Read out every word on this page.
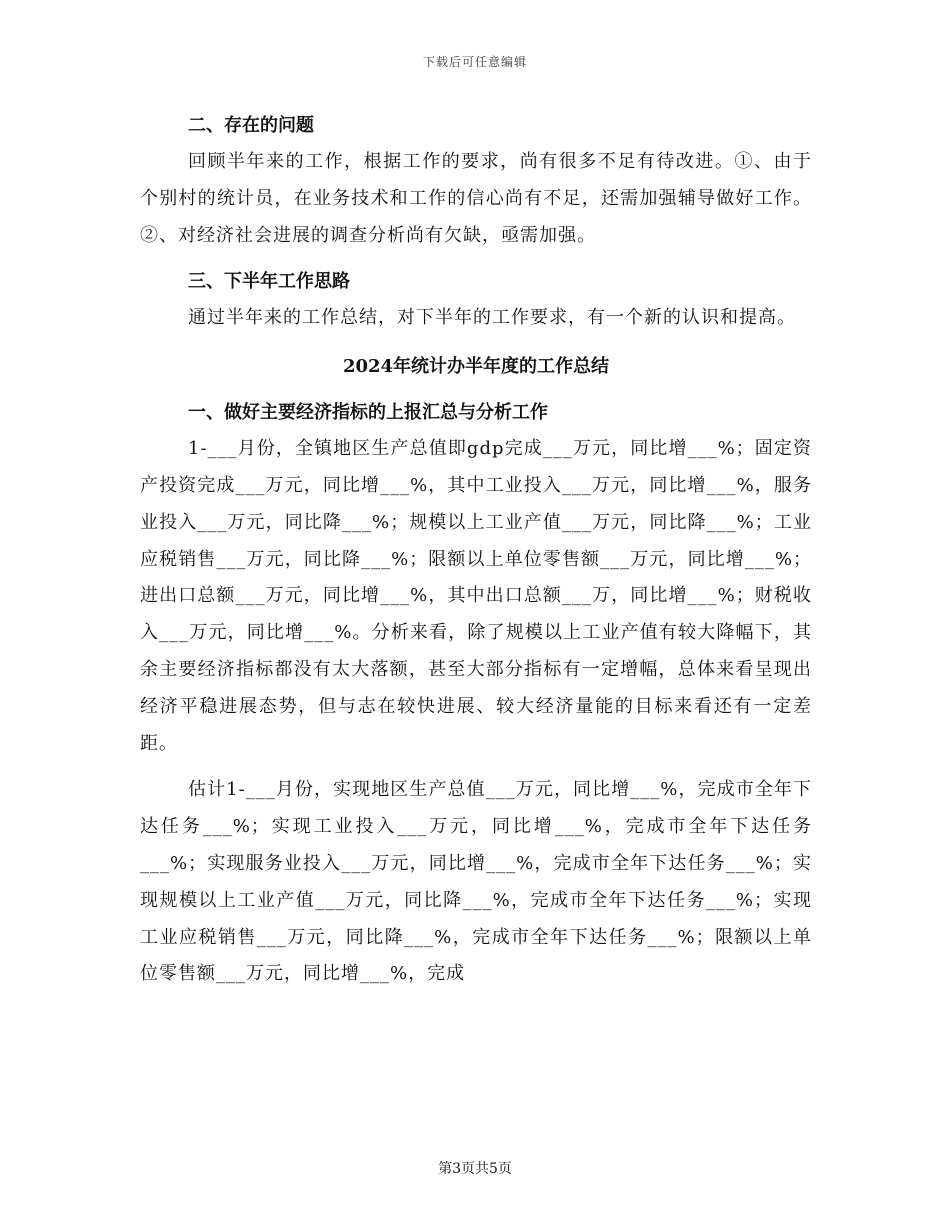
下载后可任意编辑

二、存在的问题

回顾半年来的工作，根据工作的要求，尚有很多不足有待改进。①、由于个别村的统计员，在业务技术和工作的信心尚有不足，还需加强辅导做好工作。②、对经济社会进展的调查分析尚有欠缺，亟需加强。

三、下半年工作思路

通过半年来的工作总结，对下半年的工作要求，有一个新的认识和提高。

2024年统计办半年度的工作总结

一、做好主要经济指标的上报汇总与分析工作

1-___月份，全镇地区生产总值即gdp完成___万元，同比增___%；固定资产投资完成___万元，同比增___%，其中工业投入___万元，同比增___%，服务业投入___万元，同比降___%；规模以上工业产值___万元，同比降___%；工业应税销售___万元，同比降___%；限额以上单位零售额___万元，同比增___%；进出口总额___万元，同比增___%，其中出口总额___万，同比增___%；财税收入___万元，同比增___%。分析来看，除了规模以上工业产值有较大降幅下，其余主要经济指标都没有太大落额，甚至大部分指标有一定增幅，总体来看呈现出经济平稳进展态势，但与志在较快进展、较大经济量能的目标来看还有一定差距。

估计1-___月份，实现地区生产总值___万元，同比增___%，完成市全年下达任务___%；实现工业投入___万元，同比增___%，完成市全年下达任务___%；实现服务业投入___万元，同比增___%，完成市全年下达任务___%；实现规模以上工业产值___万元，同比降___%，完成市全年下达任务___%；实现工业应税销售___万元，同比降___%，完成市全年下达任务___%；限额以上单位零售额___万元，同比增___%，完成

第3页共5页
